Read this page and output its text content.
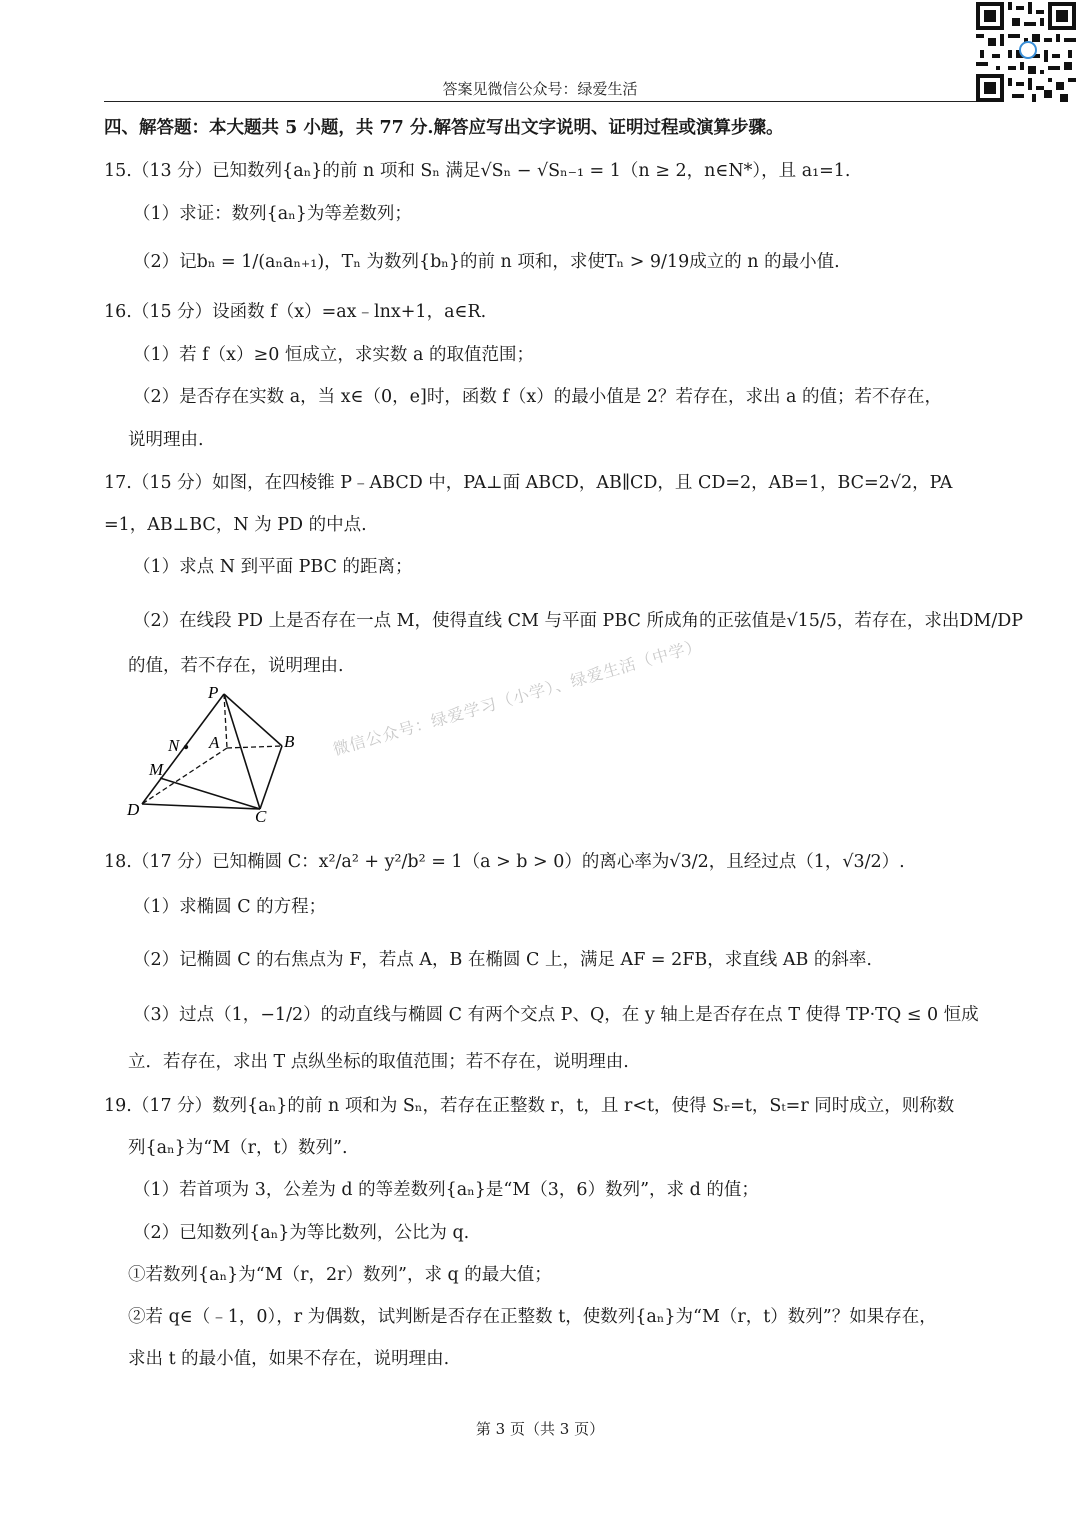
答案见微信公众号：绿爱生活
四、解答题：本大题共 5 小题，共 77 分.解答应写出文字说明、证明过程或演算步骤。
15.（13 分）已知数列{aₙ}的前 n 项和 Sₙ 满足√Sₙ − √Sₙ₋₁ = 1（n ≥ 2，n∈N*），且 a₁=1.
（1）求证：数列{aₙ}为等差数列；
（2）记bₙ = 1/(aₙaₙ₊₁)，Tₙ 为数列{bₙ}的前 n 项和，求使Tₙ > 9/19成立的 n 的最小值.
16.（15 分）设函数 f（x）=ax﹣lnx+1，a∈R.
（1）若 f（x）≥0 恒成立，求实数 a 的取值范围；
（2）是否存在实数 a，当 x∈（0，e]时，函数 f（x）的最小值是 2？若存在，求出 a 的值；若不存在，
说明理由.
17.（15 分）如图，在四棱锥 P﹣ABCD 中，PA⊥面 ABCD，AB∥CD，且 CD=2，AB=1，BC=2√2，PA
=1，AB⊥BC，N 为 PD 的中点.
（1）求点 N 到平面 PBC 的距离；
（2）在线段 PD 上是否存在一点 M，使得直线 CM 与平面 PBC 所成角的正弦值是√15/5，若存在，求出DM/DP
的值，若不存在，说明理由.
P
A	B
C
D
M
N	微信公众号：绿爱学习（小学）、绿爱生活（中学）
18.（17 分）已知椭圆 C：x²/a² + y²/b² = 1（a > b > 0）的离心率为√3/2，且经过点（1，√3/2）.
（1）求椭圆 C 的方程；
（2）记椭圆 C 的右焦点为 F，若点 A，B 在椭圆 C 上，满足 AF = 2FB，求直线 AB 的斜率.
（3）过点（1，−1/2）的动直线与椭圆 C 有两个交点 P、Q，在 y 轴上是否存在点 T 使得 TP·TQ ≤ 0 恒成
立．若存在，求出 T 点纵坐标的取值范围；若不存在，说明理由.
19.（17 分）数列{aₙ}的前 n 项和为 Sₙ，若存在正整数 r，t，且 r<t，使得 Sᵣ=t，Sₜ=r 同时成立，则称数
列{aₙ}为“M（r，t）数列”.
（1）若首项为 3，公差为 d 的等差数列{aₙ}是“M（3，6）数列”，求 d 的值；
（2）已知数列{aₙ}为等比数列，公比为 q.
①若数列{aₙ}为“M（r，2r）数列”，求 q 的最大值；
②若 q∈（﹣1，0），r 为偶数，试判断是否存在正整数 t，使数列{aₙ}为“M（r，t）数列”？如果存在，
求出 t 的最小值，如果不存在，说明理由.
第 3 页（共 3 页）
